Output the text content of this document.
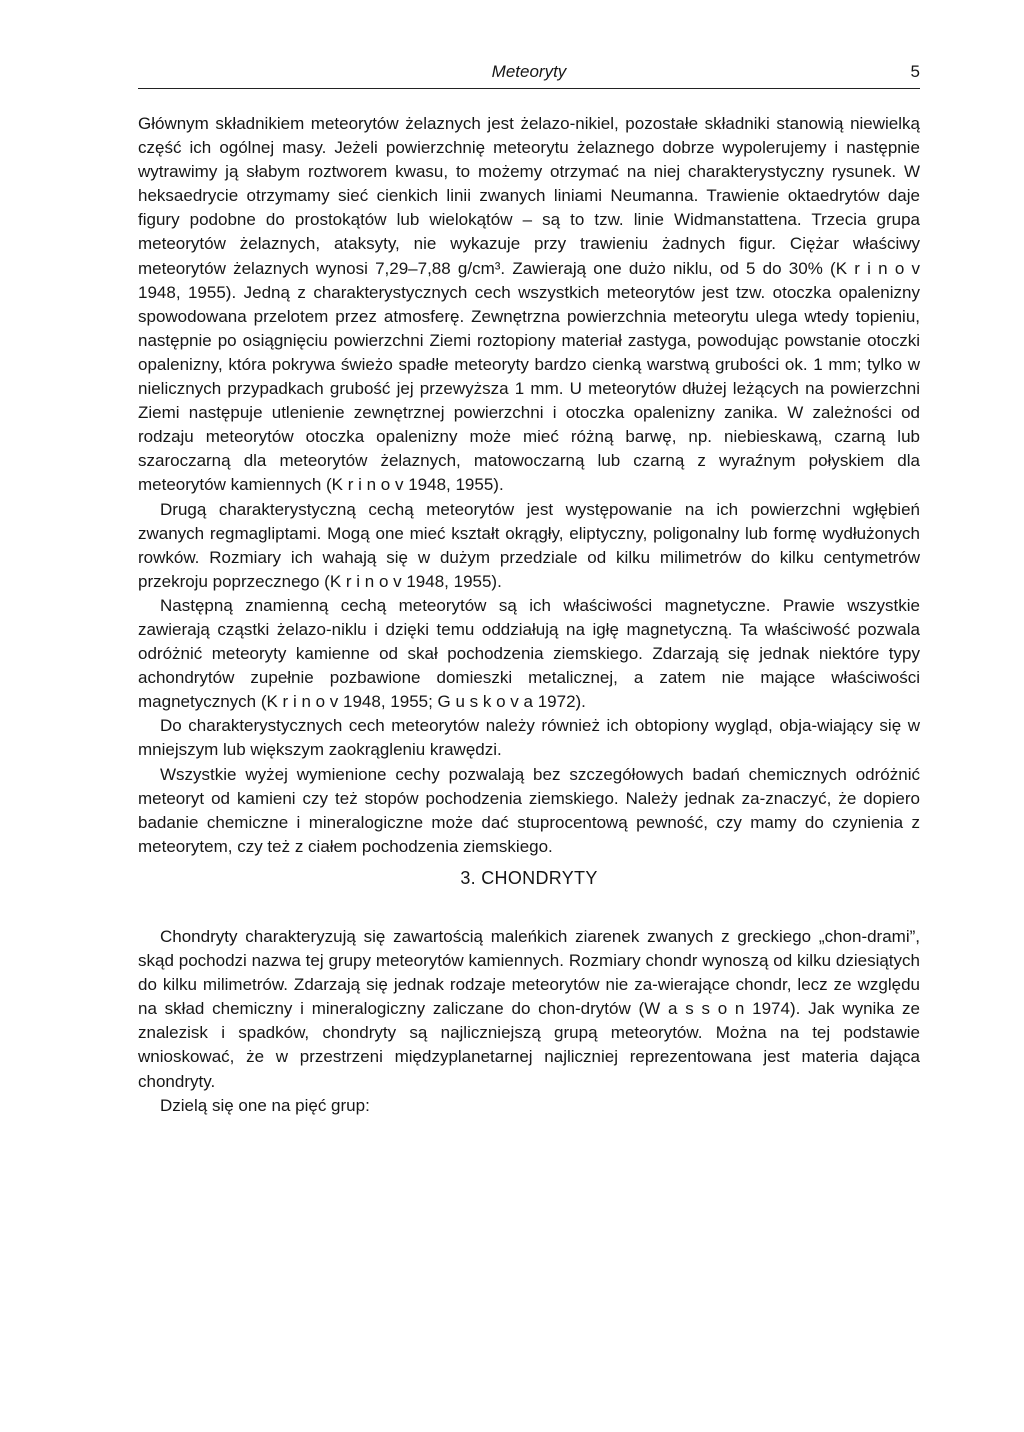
Meteoryty	5

Głównym składnikiem meteorytów żelaznych jest żelazo-nikiel, pozostałe składniki stanowią niewielką część ich ogólnej masy. Jeżeli powierzchnię meteorytu żelaznego dobrze wypolerujemy i następnie wytrawimy ją słabym roztworem kwasu, to możemy otrzymać na niej charakterystyczny rysunek. W heksaedrycie otrzymamy sieć cienkich linii zwanych liniami Neumanna. Trawienie oktaedrytów daje figury podobne do prostokątów lub wielokątów – są to tzw. linie Widmanstattena. Trzecia grupa meteorytów żelaznych, ataksyty, nie wykazuje przy trawieniu żadnych figur. Ciężar właściwy meteorytów żelaznych wynosi 7,29–7,88 g/cm³. Zawierają one dużo niklu, od 5 do 30% (K r i n o v 1948, 1955). Jedną z charakterystycznych cech wszystkich meteorytów jest tzw. otoczka opalenizny spowodowana przelotem przez atmosferę. Zewnętrzna powierzchnia meteorytu ulega wtedy topieniu, następnie po osiągnięciu powierzchni Ziemi roztopiony materiał zastyga, powodując powstanie otoczki opalenizny, która pokrywa świeżo spadłe meteoryty bardzo cienką warstwą grubości ok. 1 mm; tylko w nielicznych przypadkach grubość jej przewyższa 1 mm. U meteorytów dłużej leżących na powierzchni Ziemi następuje utlenienie zewnętrznej powierzchni i otoczka opalenizny zanika. W zależności od rodzaju meteorytów otoczka opalenizny może mieć różną barwę, np. niebieskawą, czarną lub szaroczarną dla meteorytów żelaznych, matowoczarną lub czarną z wyraźnym połyskiem dla meteorytów kamiennych (K r i n o v 1948, 1955).

Drugą charakterystyczną cechą meteorytów jest występowanie na ich powierzchni wgłębień zwanych regmagliptami. Mogą one mieć kształt okrągły, eliptyczny, poligonalny lub formę wydłużonych rowków. Rozmiary ich wahają się w dużym przedziale od kilku milimetrów do kilku centymetrów przekroju poprzecznego (K r i n o v 1948, 1955).

Następną znamienną cechą meteorytów są ich właściwości magnetyczne. Prawie wszystkie zawierają cząstki żelazo-niklu i dzięki temu oddziałują na igłę magnetyczną. Ta właściwość pozwala odróżnić meteoryty kamienne od skał pochodzenia ziemskiego. Zdarzają się jednak niektóre typy achondrytów zupełnie pozbawione domieszki metalicznej, a zatem nie mające właściwości magnetycznych (K r i n o v 1948, 1955; G u s k o v a 1972).

Do charakterystycznych cech meteorytów należy również ich obtopiony wygląd, obja-wiający się w mniejszym lub większym zaokrągleniu krawędzi.

Wszystkie wyżej wymienione cechy pozwalają bez szczegółowych badań chemicznych odróżnić meteoryt od kamieni czy też stopów pochodzenia ziemskiego. Należy jednak za-znaczyć, że dopiero badanie chemiczne i mineralogiczne może dać stuprocentową pewność, czy mamy do czynienia z meteorytem, czy też z ciałem pochodzenia ziemskiego.

3. CHONDRYTY

Chondryty charakteryzują się zawartością maleńkich ziarenek zwanych z greckiego „chon-drami”, skąd pochodzi nazwa tej grupy meteorytów kamiennych. Rozmiary chondr wynoszą od kilku dziesiątych do kilku milimetrów. Zdarzają się jednak rodzaje meteorytów nie za-wierające chondr, lecz ze względu na skład chemiczny i mineralogiczny zaliczane do chon-drytów (W a s s o n 1974). Jak wynika ze znalezisk i spadków, chondryty są najliczniejszą grupą meteorytów. Można na tej podstawie wnioskować, że w przestrzeni międzyplanetarnej najliczniej reprezentowana jest materia dająca chondryty.

Dzielą się one na pięć grup:
